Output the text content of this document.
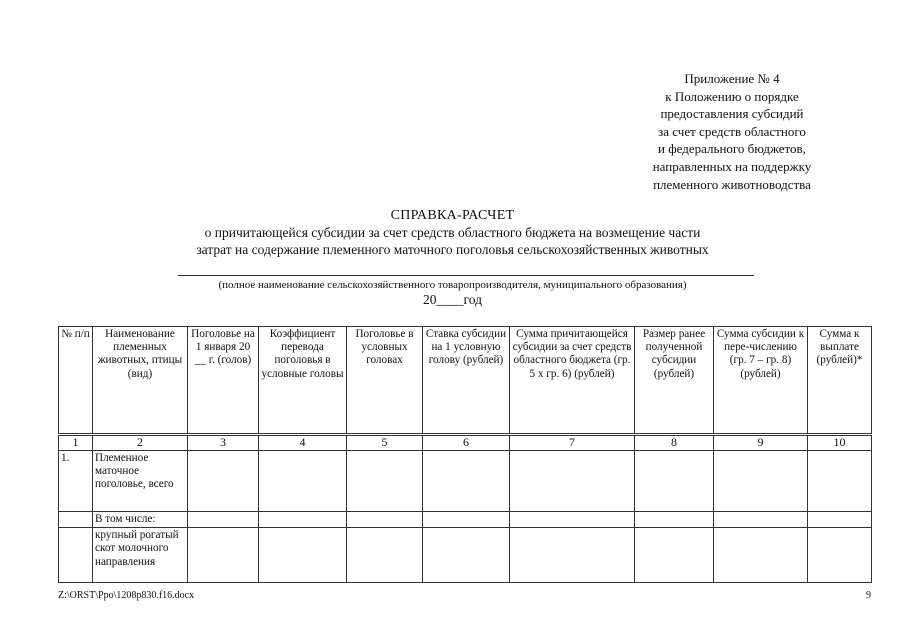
Приложение № 4
к Положению о порядке
предоставления субсидий
за счет средств областного
и федерального бюджетов,
направленных на поддержку
племенного животноводства
СПРАВКА-РАСЧЕТ
о причитающейся субсидии за счет средств областного бюджета на возмещение части
затрат на содержание племенного маточного поголовья сельскохозяйственных животных
(полное наименование сельскохозяйственного товаропроизводителя, муниципального образования)
20____год
№ п/п	Наименование племенных животных, птицы (вид)	Поголовье на 1 января 20 __ г. (голов)	Коэффициент перевода поголовья в условные головы	Поголовье в условных головах	Ставка субсидии на 1 условную голову (рублей)	Сумма причитающейся субсидии за счет средств областного бюджета (гр. 5 х гр. 6) (рублей)	Размер ранее полученной субсидии (рублей)	Сумма субсидии к пере-числению (гр. 7 – гр. 8) (рублей)	Сумма к выплате (рублей)*
1	2	3	4	5	6	7	8	9	10
1.	Племенное маточное поголовье, всего								
	В том числе:								
	крупный рогатый скот молочного направления								
Z:\ORST\Ppo\1208p830.f16.docx	9
